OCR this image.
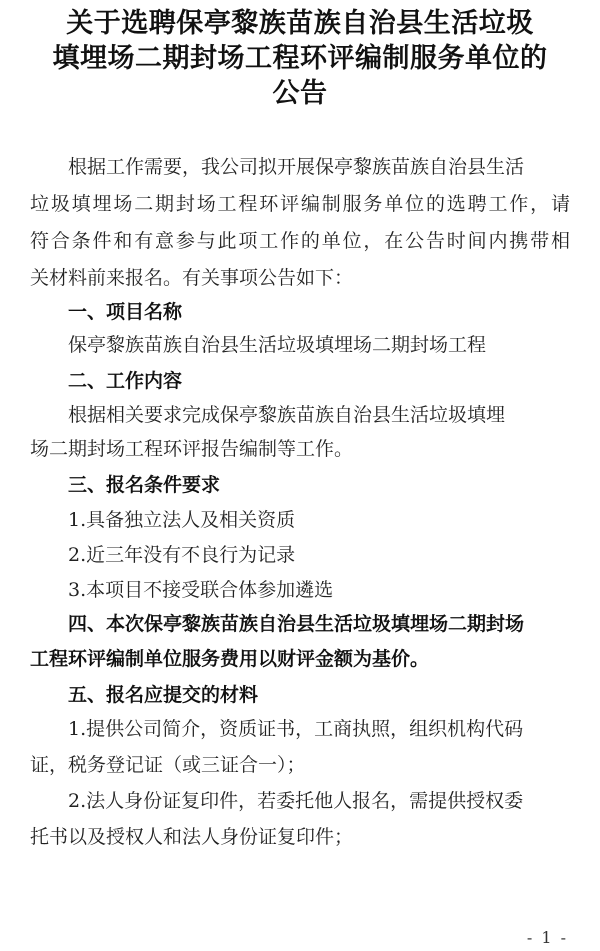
关于选聘保亭黎族苗族自治县生活垃圾
填埋场二期封场工程环评编制服务单位的
公告
根据工作需要，我公司拟开展保亭黎族苗族自治县生活
垃圾填埋场二期封场工程环评编制服务单位的选聘工作，请
符合条件和有意参与此项工作的单位，在公告时间内携带相
关材料前来报名。有关事项公告如下：
一、项目名称
保亭黎族苗族自治县生活垃圾填埋场二期封场工程
二、工作内容
根据相关要求完成保亭黎族苗族自治县生活垃圾填埋
场二期封场工程环评报告编制等工作。
三、报名条件要求
1.具备独立法人及相关资质
2.近三年没有不良行为记录
3.本项目不接受联合体参加遴选
四、本次保亭黎族苗族自治县生活垃圾填埋场二期封场
工程环评编制单位服务费用以财评金额为基价。
五、报名应提交的材料
1.提供公司简介，资质证书，工商执照，组织机构代码
证，税务登记证（或三证合一）；
2.法人身份证复印件，若委托他人报名，需提供授权委
托书以及授权人和法人身份证复印件；
- 1 -
